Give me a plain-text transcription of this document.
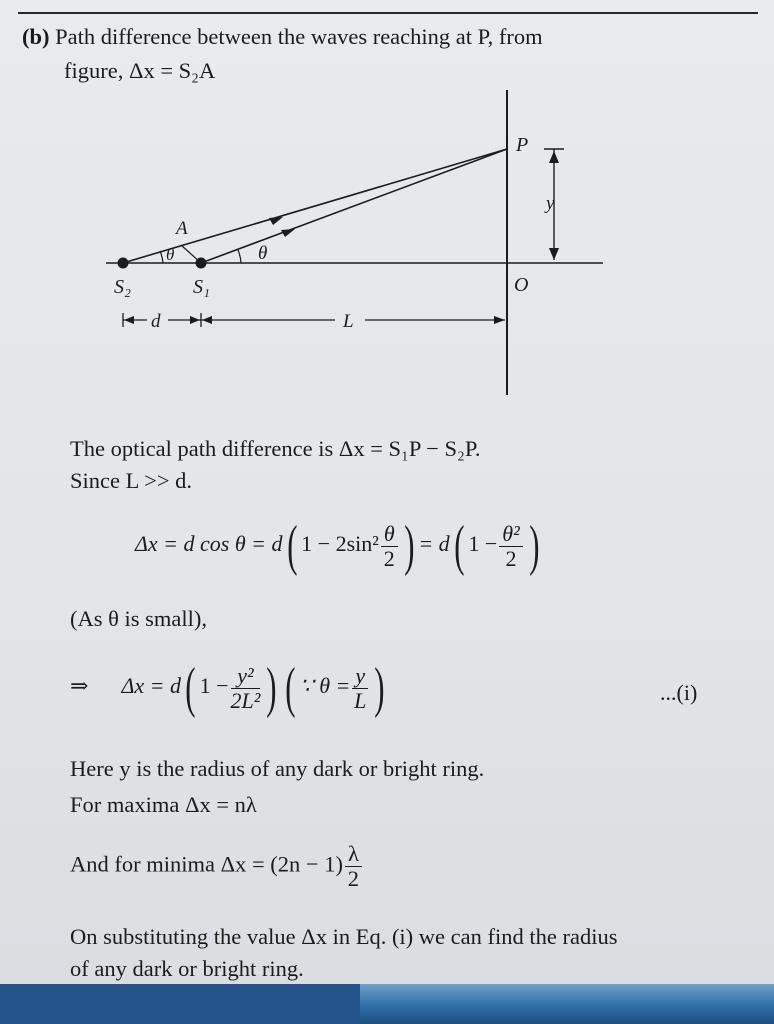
(b) Path difference between the waves reaching at P, from
figure, Δx = S₂A
P
A
θ	θ
S₂	S₁	O
y
d	L
The optical path difference is Δx = S₁P − S₂P.
Since L >> d.
Δx = d cos θ = d( $1 - 2\sin^2 \frac{\theta}{2}$ ) = d( $1 - \frac{\text{θ²}}{2}$ )
(As θ is small),
⇒ Δx = d( $1 - \frac{\text{y²}}{\text{2L²}}$ ) ( ∵ $\theta = \frac{y}{L}$ )	...(i)
Here y is the radius of any dark or bright ring.
For maxima Δx = nλ
And for minima $\Delta x = (2n - 1) \frac{\lambda}{2}$
On substituting the value Δx in Eq. (i) we can find the radius
of any dark or bright ring.
